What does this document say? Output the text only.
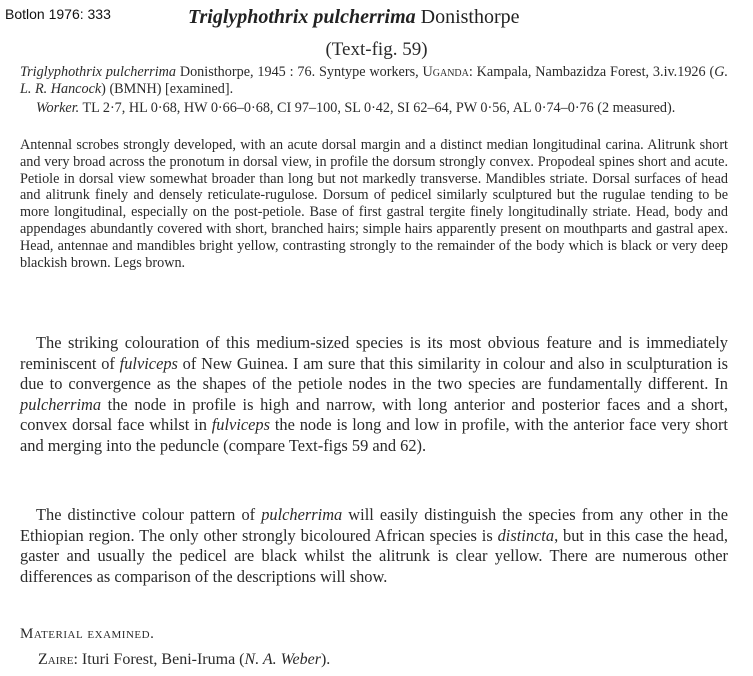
Botlon 1976: 333	Triglyphothrix pulcherrima Donisthorpe
(Text-fig. 59)
Triglyphothrix pulcherrima Donisthorpe, 1945 : 76. Syntype workers, Uganda: Kampala, Nambazidza Forest, 3.iv.1926 (G. L. R. Hancock) (BMNH) [examined].
Worker. TL 2·7, HL 0·68, HW 0·66–0·68, CI 97–100, SL 0·42, SI 62–64, PW 0·56, AL 0·74–0·76 (2 measured).
Antennal scrobes strongly developed, with an acute dorsal margin and a distinct median longitudinal carina. Alitrunk short and very broad across the pronotum in dorsal view, in profile the dorsum strongly convex. Propodeal spines short and acute. Petiole in dorsal view somewhat broader than long but not markedly transverse. Mandibles striate. Dorsal surfaces of head and alitrunk finely and densely reticulate-rugulose. Dorsum of pedicel similarly sculptured but the rugulae tending to be more longitudinal, especially on the post-petiole. Base of first gastral tergite finely longitudinally striate. Head, body and appendages abundantly covered with short, branched hairs; simple hairs apparently present on mouthparts and gastral apex. Head, antennae and mandibles bright yellow, contrasting strongly to the remainder of the body which is black or very deep blackish brown. Legs brown.
The striking colouration of this medium-sized species is its most obvious feature and is immediately reminiscent of fulviceps of New Guinea. I am sure that this similarity in colour and also in sculpturation is due to convergence as the shapes of the petiole nodes in the two species are fundamentally different. In pulcherrima the node in profile is high and narrow, with long anterior and posterior faces and a short, convex dorsal face whilst in fulviceps the node is long and low in profile, with the anterior face very short and merging into the peduncle (compare Text-figs 59 and 62).
The distinctive colour pattern of pulcherrima will easily distinguish the species from any other in the Ethiopian region. The only other strongly bicoloured African species is distincta, but in this case the head, gaster and usually the pedicel are black whilst the alitrunk is clear yellow. There are numerous other differences as comparison of the descriptions will show.
Material examined.
Zaire: Ituri Forest, Beni-Iruma (N. A. Weber).
